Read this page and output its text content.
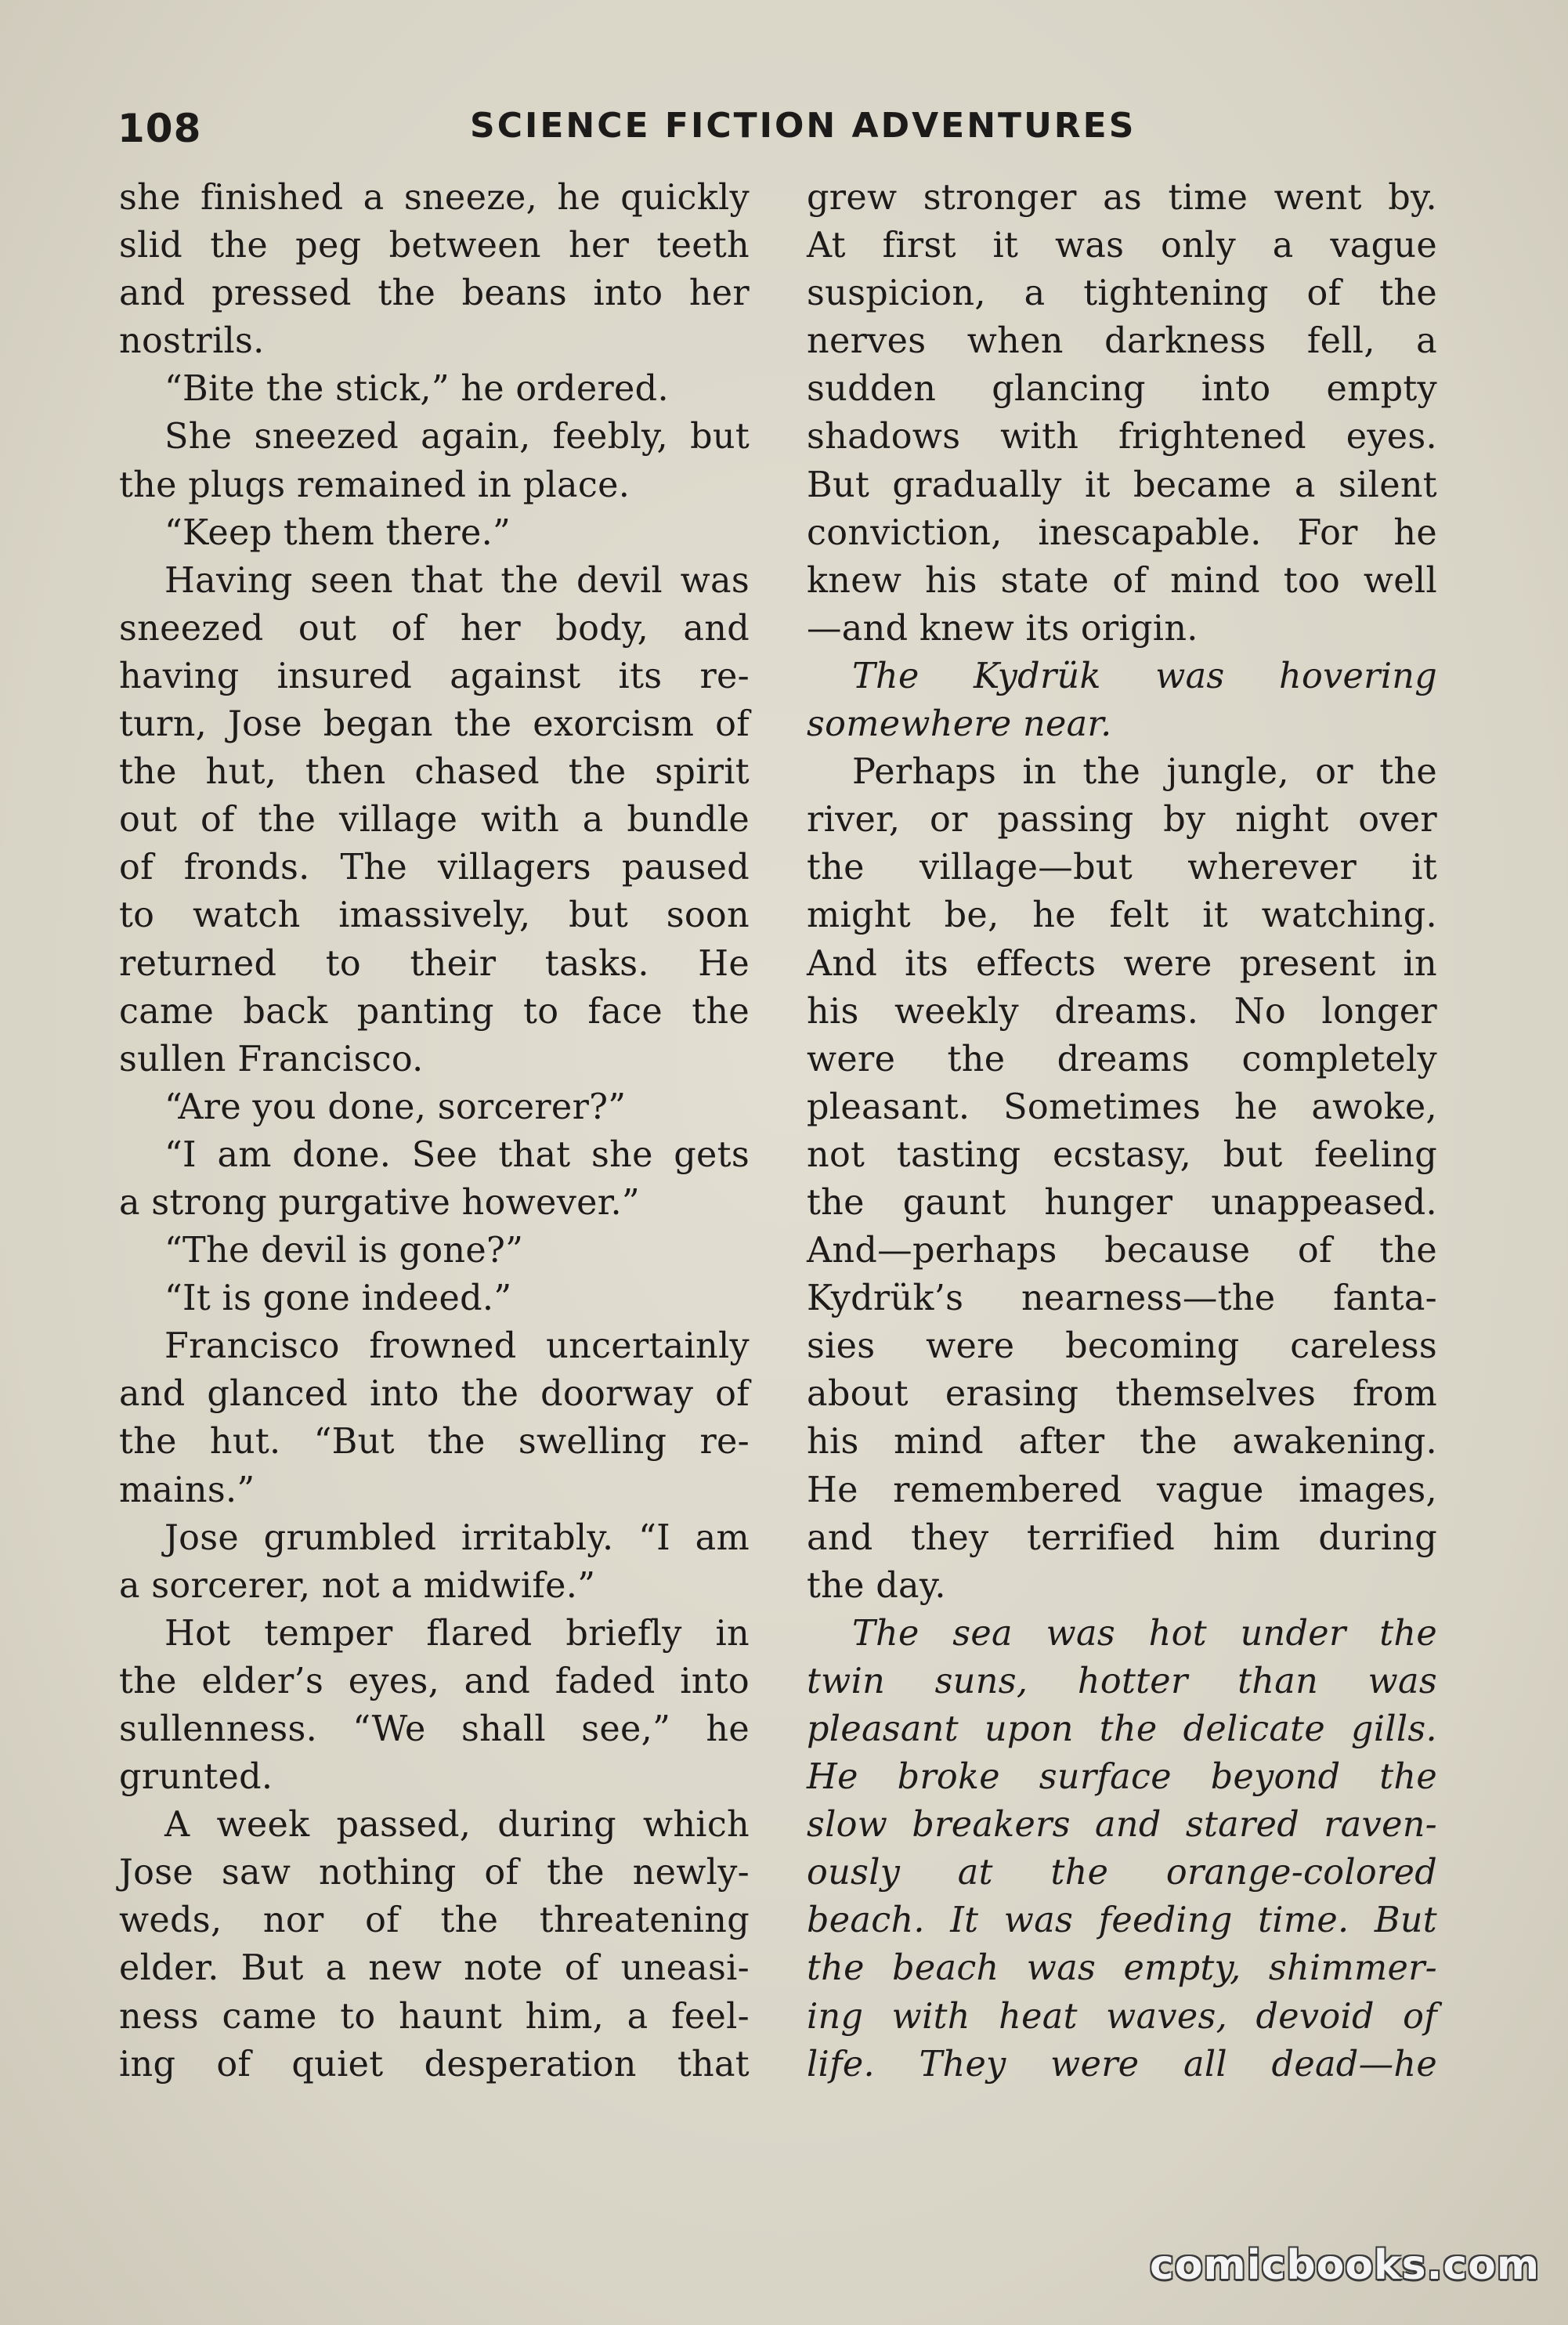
108	SCIENCE FICTION ADVENTURES
she finished a sneeze, he quickly
slid the peg between her teeth
and pressed the beans into her
nostrils.
“Bite the stick,” he ordered.
She sneezed again, feebly, but
the plugs remained in place.
“Keep them there.”
Having seen that the devil was
sneezed out of her body, and
having insured against its re-
turn, Jose began the exorcism of
the hut, then chased the spirit
out of the village with a bundle
of fronds. The villagers paused
to watch imassively, but soon
returned to their tasks. He
came back panting to face the
sullen Francisco.
“Are you done, sorcerer?”
“I am done. See that she gets
a strong purgative however.”
“The devil is gone?”
“It is gone indeed.”
Francisco frowned uncertainly
and glanced into the doorway of
the hut. “But the swelling re-
mains.”
Jose grumbled irritably. “I am
a sorcerer, not a midwife.”
Hot temper flared briefly in
the elder’s eyes, and faded into
sullenness. “We shall see,” he
grunted.
A week passed, during which
Jose saw nothing of the newly-
weds, nor of the threatening
elder. But a new note of uneasi-
ness came to haunt him, a feel-
ing of quiet desperation that
grew stronger as time went by.
At first it was only a vague
suspicion, a tightening of the
nerves when darkness fell, a
sudden glancing into empty
shadows with frightened eyes.
But gradually it became a silent
conviction, inescapable. For he
knew his state of mind too well
—and knew its origin.
The Kydrük was hovering
somewhere near.
Perhaps in the jungle, or the
river, or passing by night over
the village—but wherever it
might be, he felt it watching.
And its effects were present in
his weekly dreams. No longer
were the dreams completely
pleasant. Sometimes he awoke,
not tasting ecstasy, but feeling
the gaunt hunger unappeased.
And—perhaps because of the
Kydrük’s nearness—the fanta-
sies were becoming careless
about erasing themselves from
his mind after the awakening.
He remembered vague images,
and they terrified him during
the day.
The sea was hot under the
twin suns, hotter than was
pleasant upon the delicate gills.
He broke surface beyond the
slow breakers and stared raven-
ously at the orange-colored
beach. It was feeding time. But
the beach was empty, shimmer-
ing with heat waves, devoid of
life. They were all dead—he
comicbooks.com
